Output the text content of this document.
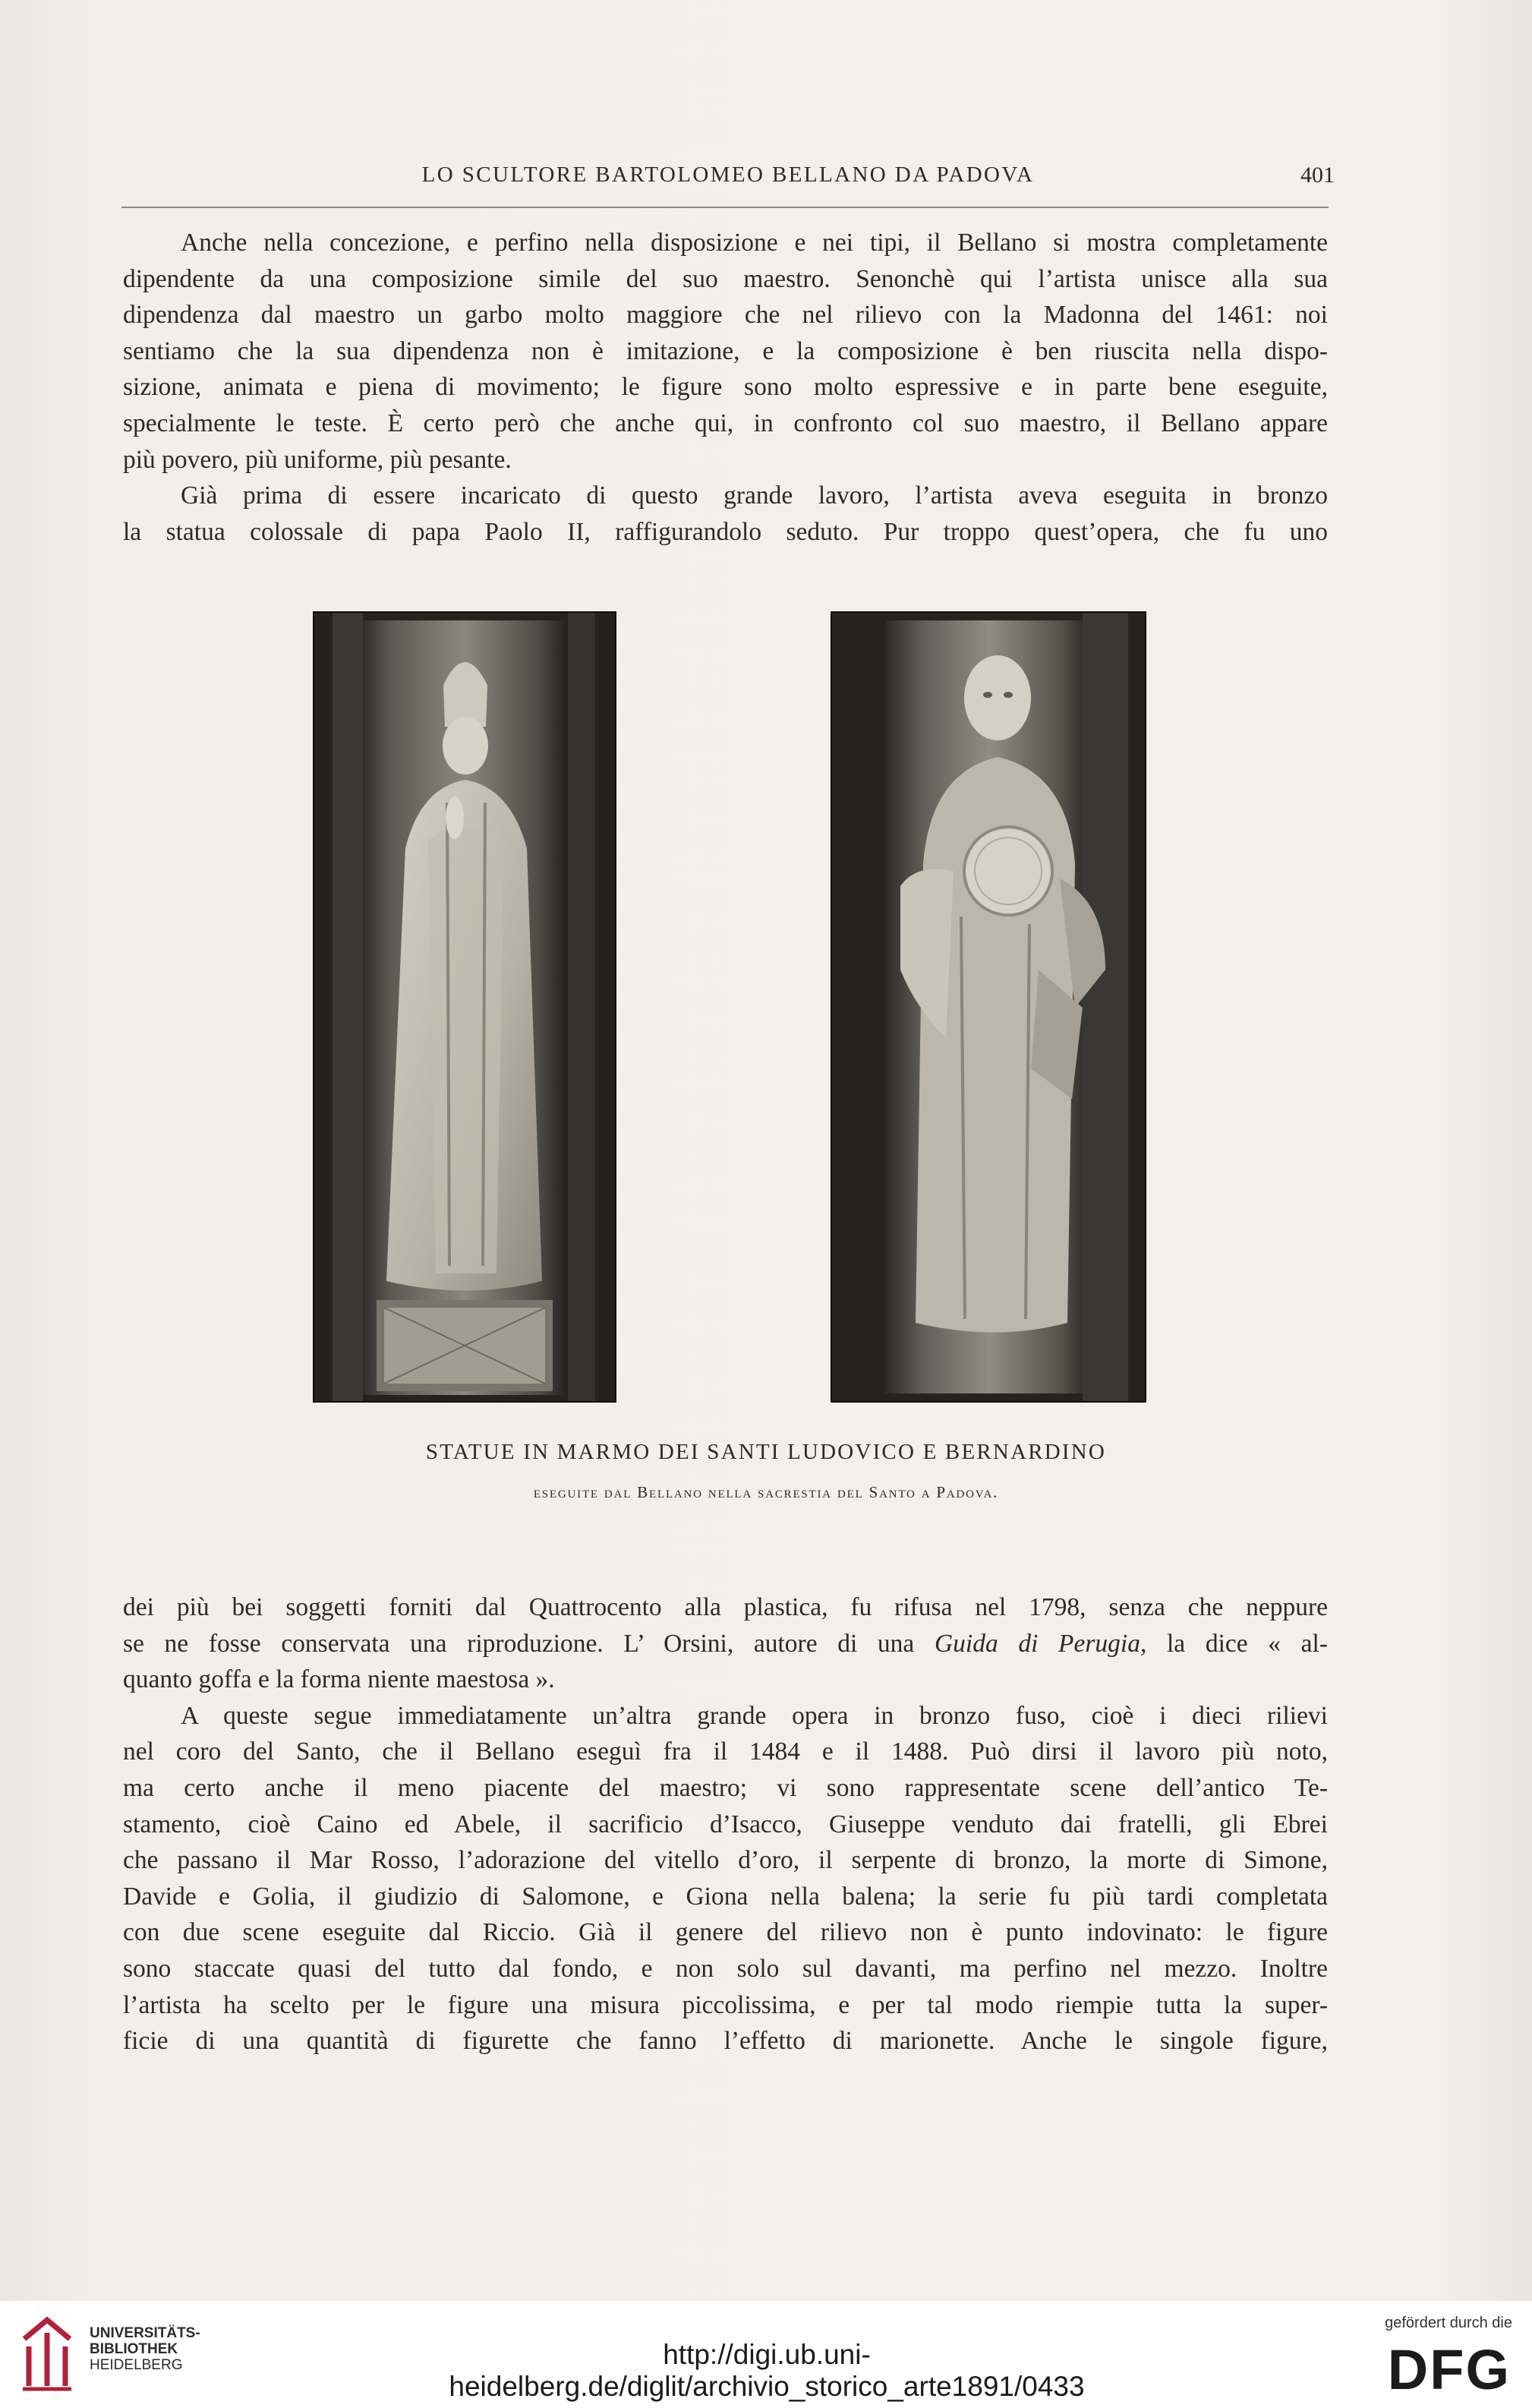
LO SCULTORE BARTOLOMEO BELLANO DA PADOVA	401
Anche nella concezione, e perfino nella disposizione e nei tipi, il Bellano si mostra completamente
dipendente da una composizione simile del suo maestro. Senonchè qui l’artista unisce alla sua
dipendenza dal maestro un garbo molto maggiore che nel rilievo con la Madonna del 1461: noi
sentiamo che la sua dipendenza non è imitazione, e la composizione è ben riuscita nella dispo-
sizione, animata e piena di movimento; le figure sono molto espressive e in parte bene eseguite,
specialmente le teste. È certo però che anche qui, in confronto col suo maestro, il Bellano appare
più povero, più uniforme, più pesante.
Già prima di essere incaricato di questo grande lavoro, l’artista aveva eseguita in bronzo
la statua colossale di papa Paolo II, raffigurandolo seduto. Pur troppo quest’opera, che fu uno
STATUE IN MARMO DEI SANTI LUDOVICO E BERNARDINO
eseguite dal Bellano nella sacrestia del Santo a Padova.
dei più bei soggetti forniti dal Quattrocento alla plastica, fu rifusa nel 1798, senza che neppure
se ne fosse conservata una riproduzione. L’ Orsini, autore di una Guida di Perugia, la dice « al-
quanto goffa e la forma niente maestosa ».
A queste segue immediatamente un’altra grande opera in bronzo fuso, cioè i dieci rilievi
nel coro del Santo, che il Bellano eseguì fra il 1484 e il 1488. Può dirsi il lavoro più noto,
ma certo anche il meno piacente del maestro; vi sono rappresentate scene dell’antico Te-
stamento, cioè Caino ed Abele, il sacrificio d’Isacco, Giuseppe venduto dai fratelli, gli Ebrei
che passano il Mar Rosso, l’adorazione del vitello d’oro, il serpente di bronzo, la morte di Simone,
Davide e Golia, il giudizio di Salomone, e Giona nella balena; la serie fu più tardi completata
con due scene eseguite dal Riccio. Già il genere del rilievo non è punto indovinato: le figure
sono staccate quasi del tutto dal fondo, e non solo sul davanti, ma perfino nel mezzo. Inoltre
l’artista ha scelto per le figure una misura piccolissima, e per tal modo riempie tutta la super-
ficie di una quantità di figurette che fanno l’effetto di marionette. Anche le singole figure,
UNIVERSITÄTS-
BIBLIOTHEK
HEIDELBERG	http://digi.ub.uni-heidelberg.de/diglit/archivio_storico_arte1891/0433
gefördert durch die
DFG
